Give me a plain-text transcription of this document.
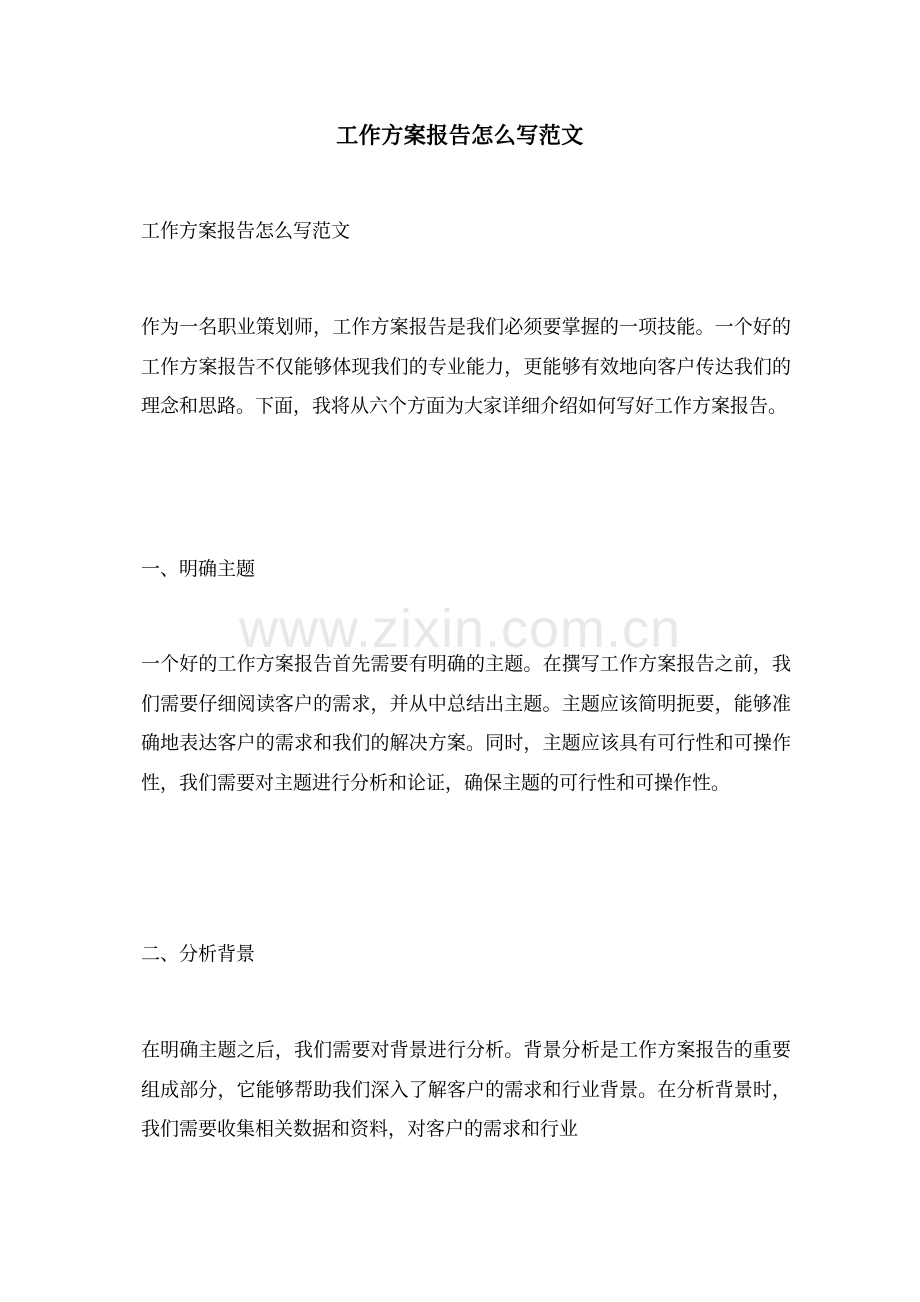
工作方案报告怎么写范文

工作方案报告怎么写范文

作为一名职业策划师，工作方案报告是我们必须要掌握的一项技能。一个好的工作方案报告不仅能够体现我们的专业能力，更能够有效地向客户传达我们的理念和思路。下面，我将从六个方面为大家详细介绍如何写好工作方案报告。

一、明确主题

一个好的工作方案报告首先需要有明确的主题。在撰写工作方案报告之前，我们需要仔细阅读客户的需求，并从中总结出主题。主题应该简明扼要，能够准确地表达客户的需求和我们的解决方案。同时，主题应该具有可行性和可操作性，我们需要对主题进行分析和论证，确保主题的可行性和可操作性。

二、分析背景

在明确主题之后，我们需要对背景进行分析。背景分析是工作方案报告的重要组成部分，它能够帮助我们深入了解客户的需求和行业背景。在分析背景时，我们需要收集相关数据和资料，对客户的需求和行业

www.zixin.com.cn
